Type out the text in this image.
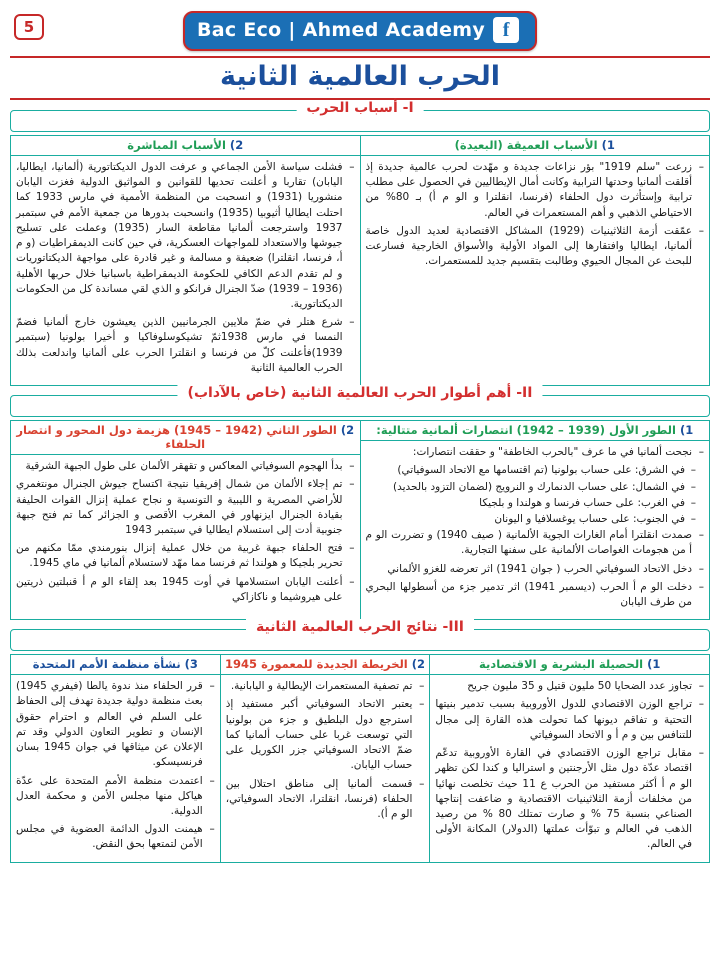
f
Bac Eco | Ahmed Academy
5
الحرب العالمية الثانية
I- أسباب الحرب
1) الأسباب العميقة (البعيدة)
– زرعت "سلم 1919" بؤر نزاعات جديدة و مهّدت لحرب عالمية جديدة إذ أقلقت ألمانيا وحدتها الترابية وكانت أمال الإيطاليين في الحصول على مطلب ترابية وإستأثرت دول الحلفاء (فرنسا، انقلترا و الو م أ) بـ 80% من الاحتياطي الذهبي و أهم المستعمرات في العالم.
– عمّقت أزمة الثلاثينيات (1929) المشاكل الاقتصادية لعديد الدول خاصة ألمانيا، ايطاليا وافتقارها إلى المواد الأولية والأسواق الخارجية فسارعت للبحث عن المجال الحيوي وطالبت بتقسيم جديد للمستعمرات.

2) الأسباب المباشرة
– فشلت سياسة الأمن الجماعي و عرفت الدول الديكتاتورية (ألمانيا، ايطاليا، اليابان) تقاربا و أعلنت تحديها للقوانين و المواثيق الدولية فغزت اليابان منشوريا (1931) و انسحبت من المنظمة الأممية في مارس 1933 كما احتلت ايطاليا أثيوبيا (1935) وانسحبت بدورها من جمعية الأمم في سبتمبر 1937 واسترجعت ألمانيا مقاطعة السار (1935) وعملت على تسليح جيوشها والاستعداد للمواجهات العسكرية، في حين كانت الديمقراطيات (و م أ، فرنسا، انقلترا) ضعيفة و مسالمة و غير قادرة على مواجهة الديكتاتوريات و لم تقدم الدعم الكافي للحكومة الديمقراطية باسبانيا خلال حربها الأهلية (1936 – 1939) ضدّ الجنرال فرانكو و الذي لقي مساندة كل من الحكومات الديكتاتورية.
– شرع هتلر في ضمّ ملايين الجرمانيين الذين يعيشون خارج ألمانيا فضمّ النمسا في مارس 1938ثمّ تشيكوسلوفاكيا و أخيرا بولونيا (سبتمبر 1939)فأعلنت كلّ من فرنسا و انقلترا الحرب على ألمانيا واندلعت بذلك الحرب العالمية الثانية
II- أهم أطوار الحرب العالمية الثانية (خاص بالآداب)
1) الطور الأول (1939 – 1942) انتصارات ألمانية متتالية:
– نجحت ألمانيا في ما عرف "بالحرب الخاطفة" و حققت انتصارات:
– في الشرق: على حساب بولونيا (تم اقتسامها مع الاتحاد السوفياتي)
– في الشمال: على حساب الدنمارك و النرويج (لضمان التزود بالحديد)
– في الغرب: على حساب فرنسا و هولندا و بلجيكا
– في الجنوب: على حساب يوغسلافيا و اليونان
– صمدت انقلترا أمام الغارات الجوية الألمانية ( صيف 1940) و تضررت الو م أ من هجومات الغواصات الألمانية على سفنها التجارية.
– دخل الاتحاد السوفياتي الحرب ( جوان 1941) اثر تعرضه للغزو الألماني
– دخلت الو م أ الحرب (ديسمبر 1941) اثر تدمير جزء من أسطولها البحري من طرف اليابان

2) الطور الثاني (1942 – 1945) هزيمة دول المحور و انتصار الحلفاء
– بدأ الهجوم السوفياتي المعاكس و تقهقر الألمان على طول الجبهة الشرقية
– تم إجلاء الألمان من شمال إفريقيا نتيجة اكتساح جيوش الجنرال مونتغمري للأراضي المصرية و الليبية و التونسية و نجاح عملية إنزال القوات الحليفة بقيادة الجنرال ايزنهاور في المغرب الأقصى و الجزائر كما تم فتح جبهة جنوبية أدت إلى استسلام ايطاليا في سبتمبر 1943
– فتح الحلفاء جبهة غربية من خلال عملية إنزال بنورمندي ممّا مكنهم من تحرير بلجيكا و هولندا ثم فرنسا مما مهّد لاستسلام ألمانيا في ماي 1945.
– أعلنت اليابان استسلامها في أوت 1945 بعد إلقاء الو م أ قنبلتين ذريتين على هيروشيما و ناكازاكي
III- نتائج الحرب العالمية الثانية
1) الحصيلة البشرية و الاقتصادية
– تجاوز عدد الضحايا 50 مليون قتيل و 35 مليون جريح
– تراجع الوزن الاقتصادي للدول الأوروبية بسبب تدمير بنيتها التحتية و تفاقم ديونها كما تحولت هذه القارة إلى مجال للتنافس بين و م أ و الاتحاد السوفياتي
– مقابل تراجع الوزن الاقتصادي في القارة الأوروبية تدعّم اقتصاد عدّة دول مثل الأرجنتين و استراليا و كندا لكن تظهر الو م أ أكثر مستفيد من الحرب ع 11 حيث تخلصت نهائيا من مخلفات أزمة الثلاثينيات الاقتصادية و ضاعفت إنتاجها الصناعي بنسبة 75 % و صارت تمتلك 80 % من رصيد الذهب في العالم و تبوّأت عملتها (الدولار) المكانة الأولى في العالم.

2) الخريطة الجديدة للمعمورة 1945
– تم تصفية المستعمرات الإيطالية و اليابانية.
– يعتبر الاتحاد السوفياتي أكبر مستفيد إذ استرجع دول البلطيق و جزء من بولونيا التي توسعت غربا على حساب ألمانيا كما ضمّ الاتحاد السوفياتي جزر الكوريل على حساب اليابان.
– قسمت ألمانيا إلى مناطق احتلال بين الحلفاء (فرنسا، انقلترا، الاتحاد السوفياتي، الو م أ).

3) نشأة منظمة الأمم المتحدة
– قرر الحلفاء منذ ندوة يالطا (فيفري 1945) بعث منظمة دولية جديدة تهدف إلى الحفاظ على السلم في العالم و احترام حقوق الإنسان و تطوير التعاون الدولي وقد تم الإعلان عن ميثاقها في جوان 1945 بسان فرنسيسكو.
– اعتمدت منظمة الأمم المتحدة على عدّة هياكل منها مجلس الأمن و محكمة العدل الدولية.
– هيمنت الدول الدائمة العضوية في مجلس الأمن لتمتعها بحق النقض.
